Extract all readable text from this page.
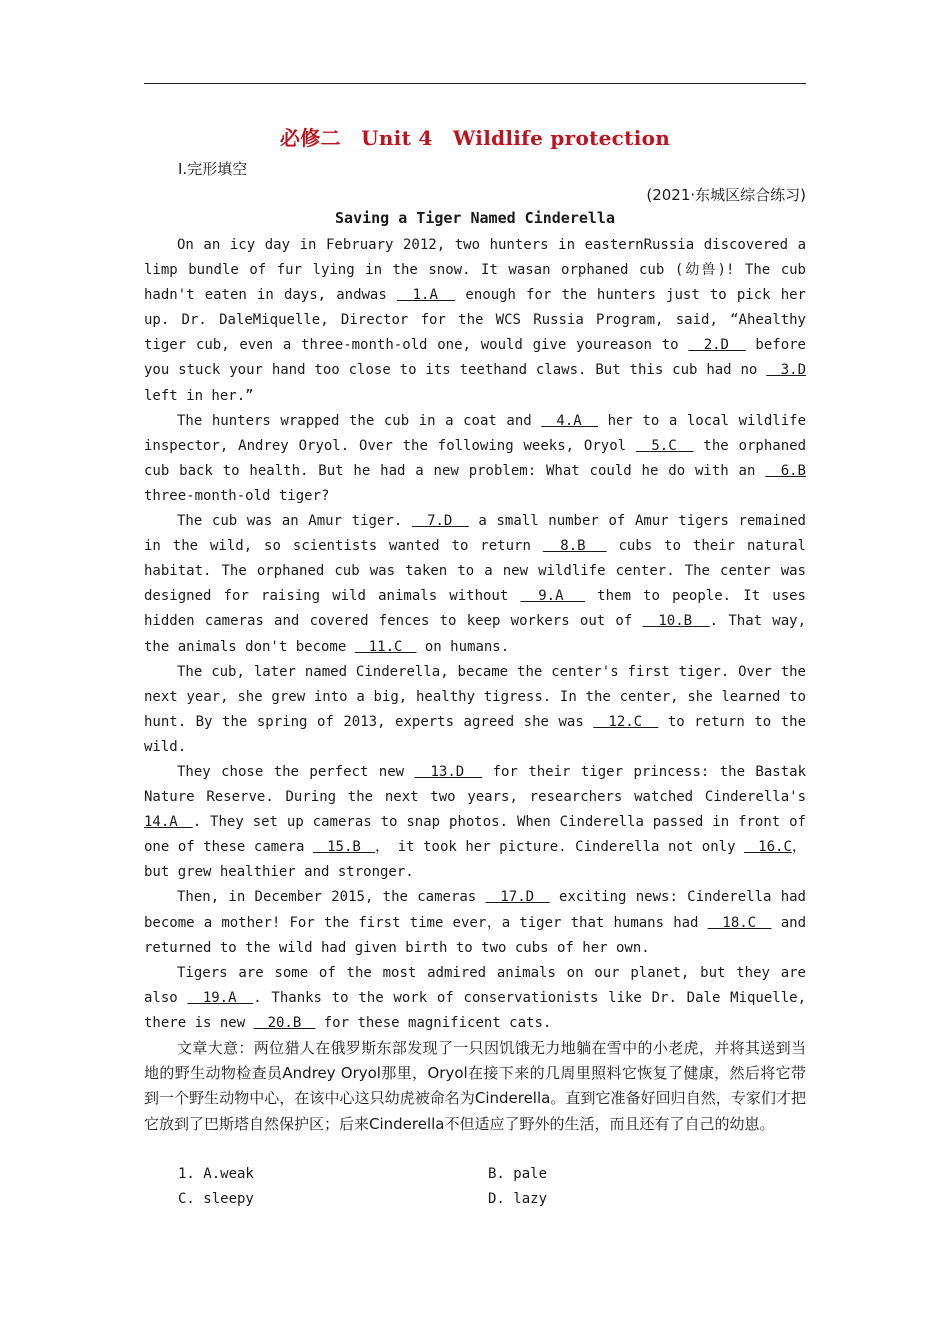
必修二　Unit 4　Wildlife protection
Ⅰ.完形填空
(2021·东城区综合练习)
Saving a Tiger Named Cinderella

On an icy day in February 2012, two hunters in easternRussia discovered a limp bundle of fur lying in the snow. It wasan orphaned cub (幼兽)! The cub hadn't eaten in days, andwas 　1.A　 enough for the hunters just to pick her up. Dr. DaleMiquelle, Director for the WCS Russia Program, said, “Ahealthy tiger cub, even a three-month-old one, would give youreason to 　2.D　 before you stuck your hand too close to its teethand claws. But this cub had no 　3.D left in her.”

The hunters wrapped the cub in a coat and 　4.A　 her to a local wildlife inspector, Andrey Oryol. Over the following weeks, Oryol 　5.C　 the orphaned cub back to health. But he had a new problem: What could he do with an 　6.B three-month-old tiger?

The cub was an Amur tiger. 　7.D　 a small number of Amur tigers remained in the wild, so scientists wanted to return 　8.B　 cubs to their natural habitat. The orphaned cub was taken to a new wildlife center. The center was designed for raising wild animals without 　9.A　 them to people. It uses hidden cameras and covered fences to keep workers out of 　10.B　. That way, the animals don't become 　11.C　 on humans.

The cub, later named Cinderella, became the center's first tiger. Over the next year, she grew into a big, healthy tigress. In the center, she learned to hunt. By the spring of 2013, experts agreed she was 　12.C　 to return to the wild.

They chose the perfect new 　13.D　 for their tiger princess: the Bastak Nature Reserve. During the next two years, researchers watched Cinderella's 14.A　. They set up cameras to snap photos. When Cinderella passed in front of one of these camera 　15.B　， it took her picture. Cinderella not only 　16.C， but grew healthier and stronger.

Then, in December 2015, the cameras 　17.D　 exciting news: Cinderella had become a mother! For the first time ever，a tiger that humans had 　18.C　 and returned to the wild had given birth to two cubs of her own.

Tigers are some of the most admired animals on our planet, but they are also 　19.A　. Thanks to the work of conservationists like Dr. Dale Miquelle, there is new 　20.B　 for these magnificent cats.

文章大意：两位猎人在俄罗斯东部发现了一只因饥饿无力地躺在雪中的小老虎，并将其送到当地的野生动物检查员Andrey Oryol那里，Oryol在接下来的几周里照料它恢复了健康，然后将它带到一个野生动物中心，在该中心这只幼虎被命名为Cinderella。直到它准备好回归自然，专家们才把它放到了巴斯塔自然保护区；后来Cinderella不但适应了野外的生活，而且还有了自己的幼崽。
1. A.weak	B. pale
C. sleepy	D. lazy
